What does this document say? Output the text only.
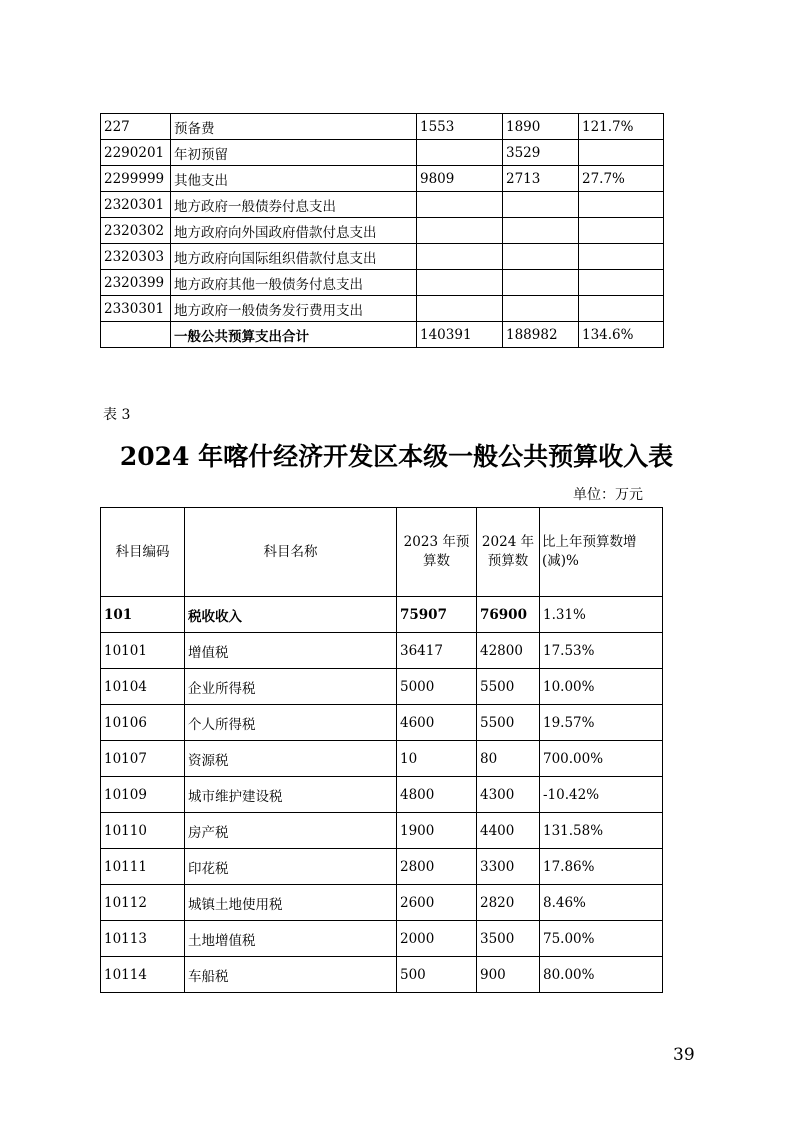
227	预备费	1553	1890	121.7%
2290201	年初预留		3529	
2299999	其他支出	9809	2713	27.7%
2320301	地方政府一般债券付息支出			
2320302	地方政府向外国政府借款付息支出			
2320303	地方政府向国际组织借款付息支出			
2320399	地方政府其他一般债务付息支出			
2330301	地方政府一般债务发行费用支出			
	一般公共预算支出合计	140391	188982	134.6%
表 3
2024 年喀什经济开发区本级一般公共预算收入表
单位：万元
科目编码	科目名称	2023 年预算数	2024 年预算数	比上年预算数增(减)%
101	税收收入	75907	76900	1.31%
10101	增值税	36417	42800	17.53%
10104	企业所得税	5000	5500	10.00%
10106	个人所得税	4600	5500	19.57%
10107	资源税	10	80	700.00%
10109	城市维护建设税	4800	4300	-10.42%
10110	房产税	1900	4400	131.58%
10111	印花税	2800	3300	17.86%
10112	城镇土地使用税	2600	2820	8.46%
10113	土地增值税	2000	3500	75.00%
10114	车船税	500	900	80.00%
39
